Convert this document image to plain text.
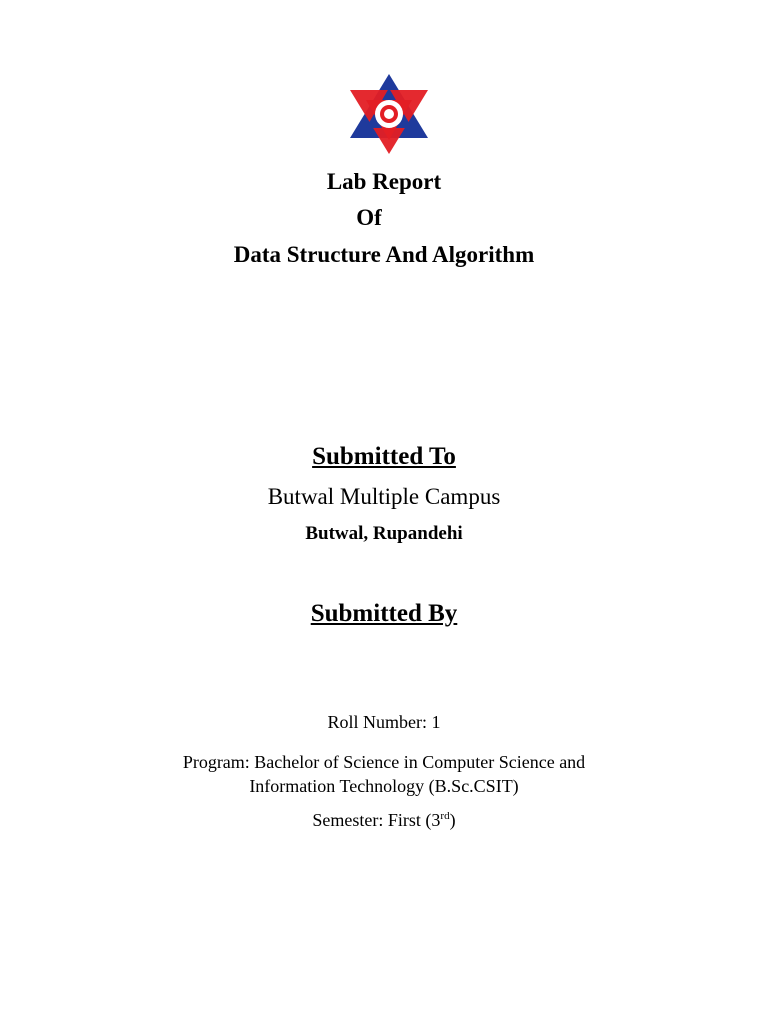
Lab Report
Of
Data Structure And Algorithm
Submitted To
Butwal Multiple Campus
Butwal, Rupandehi
Submitted By
Roll Number: 1
Program: Bachelor of Science in Computer Science and
Information Technology (B.Sc.CSIT)
Semester: First (3rd)
